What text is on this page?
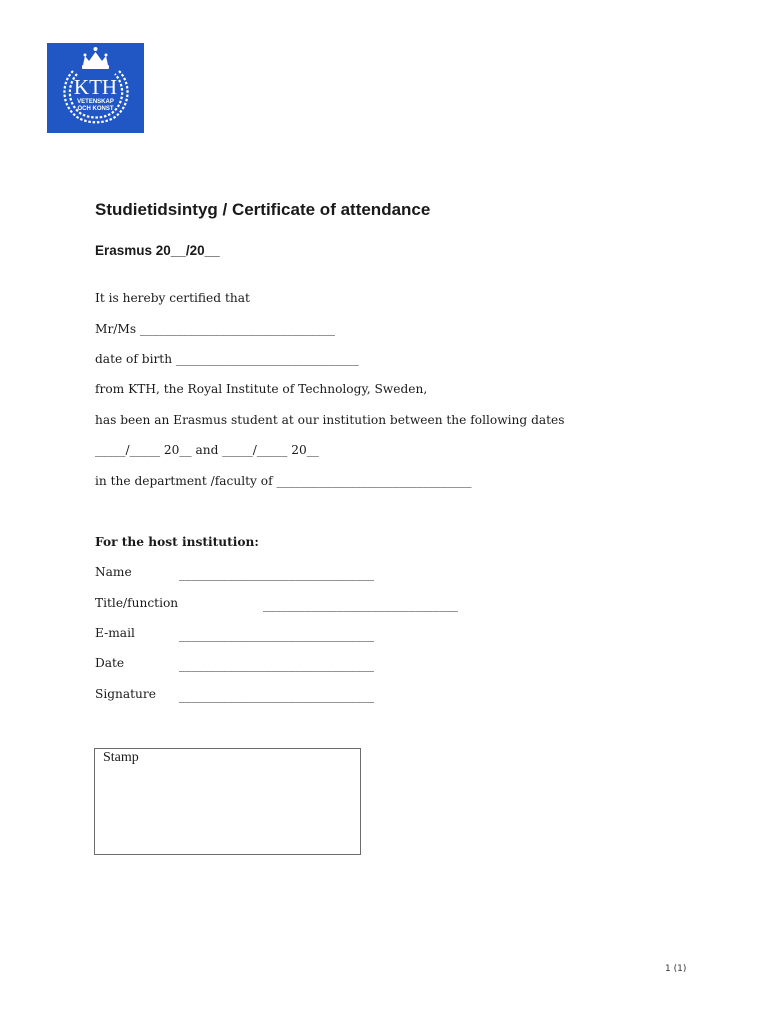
KTH
VETENSKAP
OCH KONST
Studietidsintyg / Certificate of attendance
Erasmus 20__/20__
It is hereby certified that
Mr/Ms ________________________________
date of birth ______________________________
from KTH, the Royal Institute of Technology, Sweden,
has been an Erasmus student at our institution between the following dates
_____/_____ 20__ and _____/_____ 20__
in the department /faculty of ________________________________
For the host institution:
Name	________________________________
Title/function	________________________________
E-mail	________________________________
Date	________________________________
Signature ________________________________
Stamp
1 (1)
